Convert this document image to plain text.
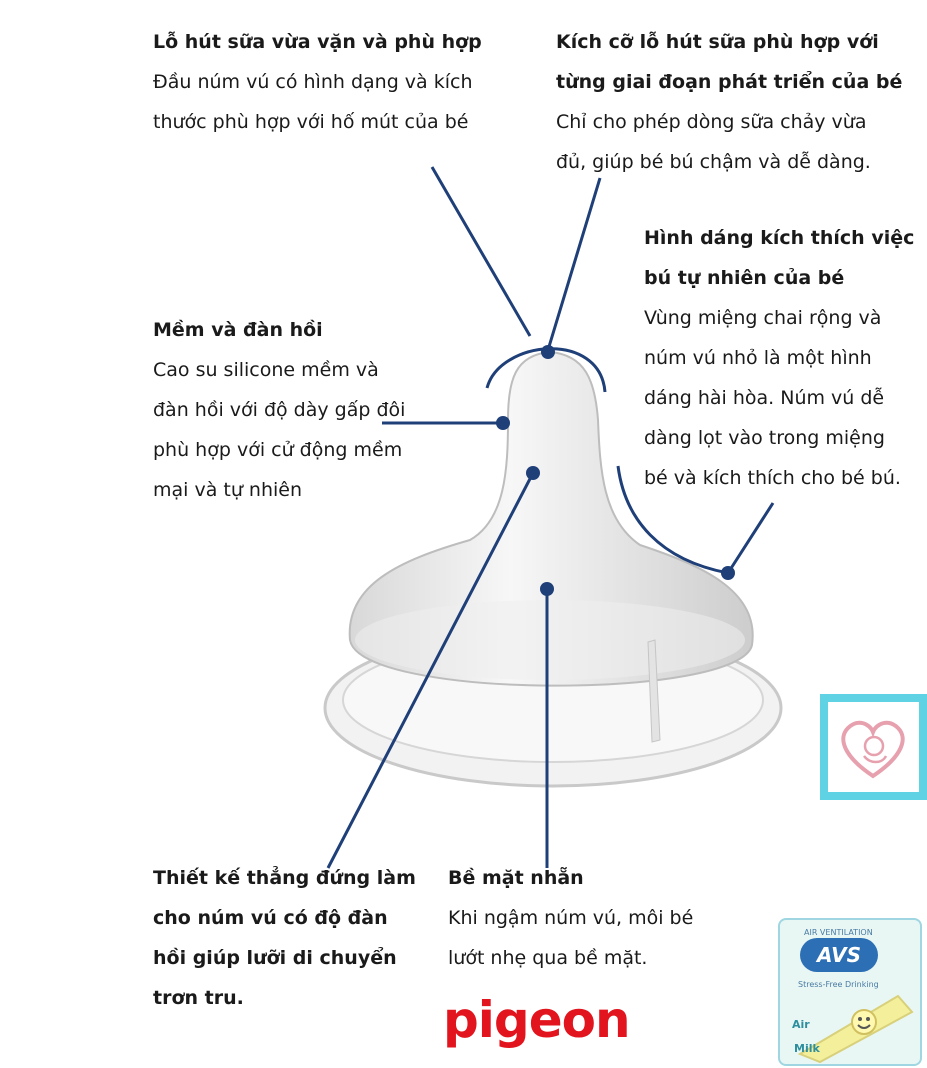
Lỗ hút sữa vừa vặn và phù hợp
Đầu núm vú có hình dạng và kích
thước phù hợp với hố mút của bé
Kích cỡ lỗ hút sữa phù hợp với
từng giai đoạn phát triển của bé
Chỉ cho phép dòng sữa chảy vừa
đủ, giúp bé bú chậm và dễ dàng.
Hình dáng kích thích việc
bú tự nhiên của bé
Vùng miệng chai rộng và
núm vú nhỏ là một hình
dáng hài hòa. Núm vú dễ
dàng lọt vào trong miệng
bé và kích thích cho bé bú.
Mềm và đàn hồi
Cao su silicone mềm và
đàn hồi với độ dày gấp đôi
phù hợp với cử động mềm
mại và tự nhiên
Thiết kế thẳng đứng làm
cho núm vú có độ đàn
hồi giúp lưỡi di chuyển
trơn tru.
Bề mặt nhẵn
Khi ngậm núm vú, môi bé
lướt nhẹ qua bề mặt.
pigeon
AIR VENTILATION
AVS
Stress-Free Drinking
Air
Milk
